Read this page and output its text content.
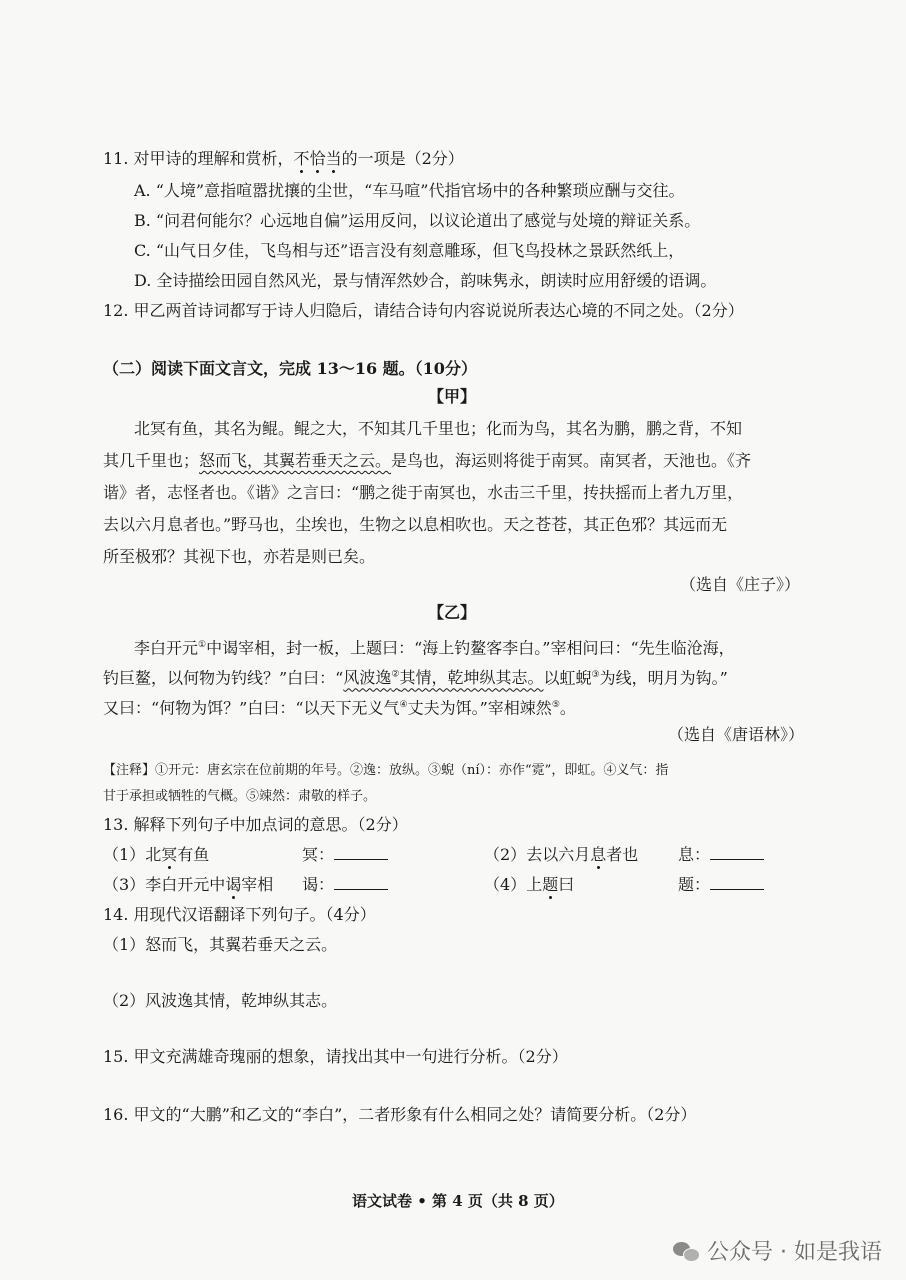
11. 对甲诗的理解和赏析，不恰当的一项是（2分）
A. “人境”意指喧嚣扰攘的尘世，“车马喧”代指官场中的各种繁琐应酬与交往。
B. “问君何能尔？心远地自偏”运用反问，以议论道出了感觉与处境的辩证关系。
C. “山气日夕佳，飞鸟相与还”语言没有刻意雕琢，但飞鸟投林之景跃然纸上，
D. 全诗描绘田园自然风光，景与情浑然妙合，韵味隽永，朗读时应用舒缓的语调。
12. 甲乙两首诗词都写于诗人归隐后，请结合诗句内容说说所表达心境的不同之处。（2分）
（二）阅读下面文言文，完成 13～16 题。（10分）
【甲】
北冥有鱼，其名为鲲。鲲之大，不知其几千里也；化而为鸟，其名为鹏，鹏之背，不知
其几千里也；怒而飞，其翼若垂天之云。是鸟也，海运则将徙于南冥。南冥者，天池也。《齐
谐》者，志怪者也。《谐》之言曰：“鹏之徙于南冥也，水击三千里，抟扶摇而上者九万里，
去以六月息者也。”野马也，尘埃也，生物之以息相吹也。天之苍苍，其正色邪？其远而无
所至极邪？其视下也，亦若是则已矣。
（选自《庄子》）
【乙】
李白开元①中谒宰相，封一板，上题曰：“海上钓鳌客李白。”宰相问曰：“先生临沧海，
钓巨鳌，以何物为钓线？”白曰：“风波逸②其情，乾坤纵其志。以虹蜺③为线，明月为钩。”
又曰：“何物为饵？”白曰：“以天下无义气④丈夫为饵。”宰相竦然⑤。
（选自《唐语林》）
【注释】①开元：唐玄宗在位前期的年号。②逸：放纵。③蜺（ní）：亦作“霓”，即虹。④义气：指
甘于承担或牺牲的气概。⑤竦然：肃敬的样子。
13. 解释下列句子中加点词的意思。（2分）
（1）北冥有鱼	冥：	（2）去以六月息者也 息：
（3）李白开元中谒宰相 谒：	（4）上题曰	题：
14. 用现代汉语翻译下列句子。（4分）
（1）怒而飞，其翼若垂天之云。
（2）风波逸其情，乾坤纵其志。
15. 甲文充满雄奇瑰丽的想象，请找出其中一句进行分析。（2分）
16. 甲文的“大鹏”和乙文的“李白”，二者形象有什么相同之处？请简要分析。（2分）
语文试卷 • 第 4 页（共 8 页）
公众号 · 如是我语
